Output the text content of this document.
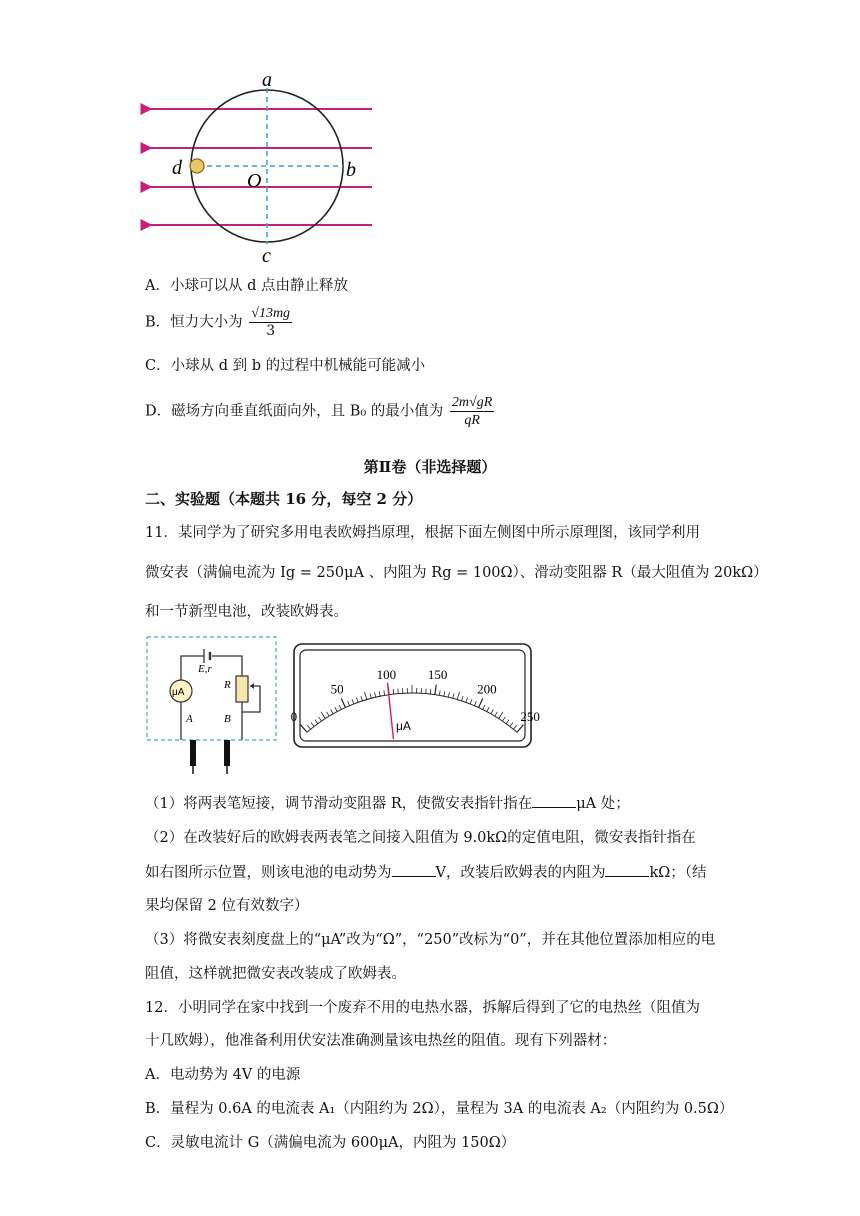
a
b
c
d
O
A．小球可以从 d 点由静止释放
B．恒力大小为 $\frac{√13mg}{3}$
C．小球从 d 到 b 的过程中机械能可能减小
D．磁场方向垂直纸面向外，且 B₀ 的最小值为 $\frac{2m√gR}{qR}$
第Ⅱ卷（非选择题）
二、实验题（本题共 16 分，每空 2 分）
11．某同学为了研究多用电表欧姆挡原理，根据下面左侧图中所示原理图，该同学利用
微安表（满偏电流为 Ig = 250μA 、内阻为 Rg = 100Ω）、滑动变阻器 R（最大阻值为 20kΩ）
和一节新型电池，改装欧姆表。
E,r
μA
R
A	B	0
50
100 150
200
250
μA
（1）将两表笔短接，调节滑动变阻器 R，使微安表指针指在	μA 处；
（2）在改装好后的欧姆表两表笔之间接入阻值为 9.0kΩ的定值电阻，微安表指针指在
如右图所示位置，则该电池的电动势为	V，改装后欧姆表的内阻为	kΩ；（结
果均保留 2 位有效数字）
（3）将微安表刻度盘上的“μA”改为“Ω”，“250”改标为“0”，并在其他位置添加相应的电
阻值，这样就把微安表改装成了欧姆表。
12．小明同学在家中找到一个废弃不用的电热水器，拆解后得到了它的电热丝（阻值为
十几欧姆），他准备利用伏安法准确测量该电热丝的阻值。现有下列器材：
A．电动势为 4V 的电源
B．量程为 0.6A 的电流表 A₁（内阻约为 2Ω），量程为 3A 的电流表 A₂（内阻约为 0.5Ω）
C．灵敏电流计 G（满偏电流为 600μA，内阻为 150Ω）
